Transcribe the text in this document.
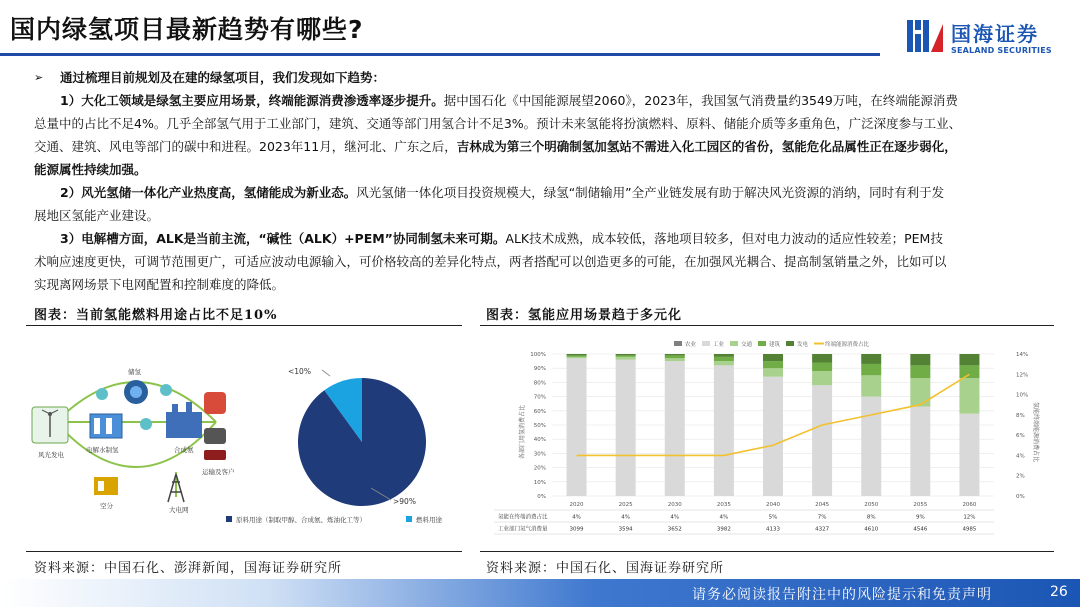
国内绿氢项目最新趋势有哪些?	国海证券
SEALAND SECURITIES
➢	通过梳理目前规划及在建的绿氢项目，我们发现如下趋势：

1）大化工领域是绿氢主要应用场景，终端能源消费渗透率逐步提升。据中国石化《中国能源展望2060》，2023年，我国氢气消费量约3549万吨，在终端能源消费

总量中的占比不足4%。几乎全部氢气用于工业部门，建筑、交通等部门用氢合计不足3%。预计未来氢能将扮演燃料、原料、储能介质等多重角色，广泛深度参与工业、

交通、建筑、风电等部门的碳中和进程。2023年11月，继河北、广东之后，吉林成为第三个明确制氢加氢站不需进入化工园区的省份，氢能危化品属性正在逐步弱化，

能源属性持续加强。

2）风光氢储一体化产业热度高，氢储能成为新业态。风光氢储一体化项目投资规模大，绿氢“制储输用”全产业链发展有助于解决风光资源的消纳，同时有利于发

展地区氢能产业建设。

3）电解槽方面，ALK是当前主流，“碱性（ALK）+PEM”协同制氢未来可期。ALK技术成熟，成本较低，落地项目较多，但对电力波动的适应性较差；PEM技

术响应速度更快，可调节范围更广，可适应波动电源输入，可价格较高的差异化特点，两者搭配可以创造更多的可能，在加强风光耦合、提高制氢销量之外，比如可以

实现离网场景下电网配置和控制难度的降低。

图表：当前氢能燃料用途占比不足10%	图表：氢能应用场景趋于多元化
风光发电
电解水制氢
储氢
合成氨
空分	大电网
运输及客户
<10%
>90%
原料用途（制取甲醇、合成氨、炼油化工等）	燃料用途
农业	工业	交通	建筑	发电	终端能源消费占比
0%
10%
20%
30%
40%
50%
60%
70%
80%
90%
100%
0%
2%
4%
6%
8%
10%
12%
14%
2020	2025	2030	2035	2040	2045	2050	2055	2060
氢能在终端消费占比	4%	4%	4%	4%	5%	7%	8%	9%	12%
工业部门氢气消费量	3099	3594	3652	3982	4133	4327	4610	4546	4985
各部门用氢消费占比	氢能终端能源消费占比
资料来源：中国石化、澎湃新闻，国海证券研究所	资料来源：中国石化、国海证券研究所
请务必阅读报告附注中的风险提示和免责声明	26
